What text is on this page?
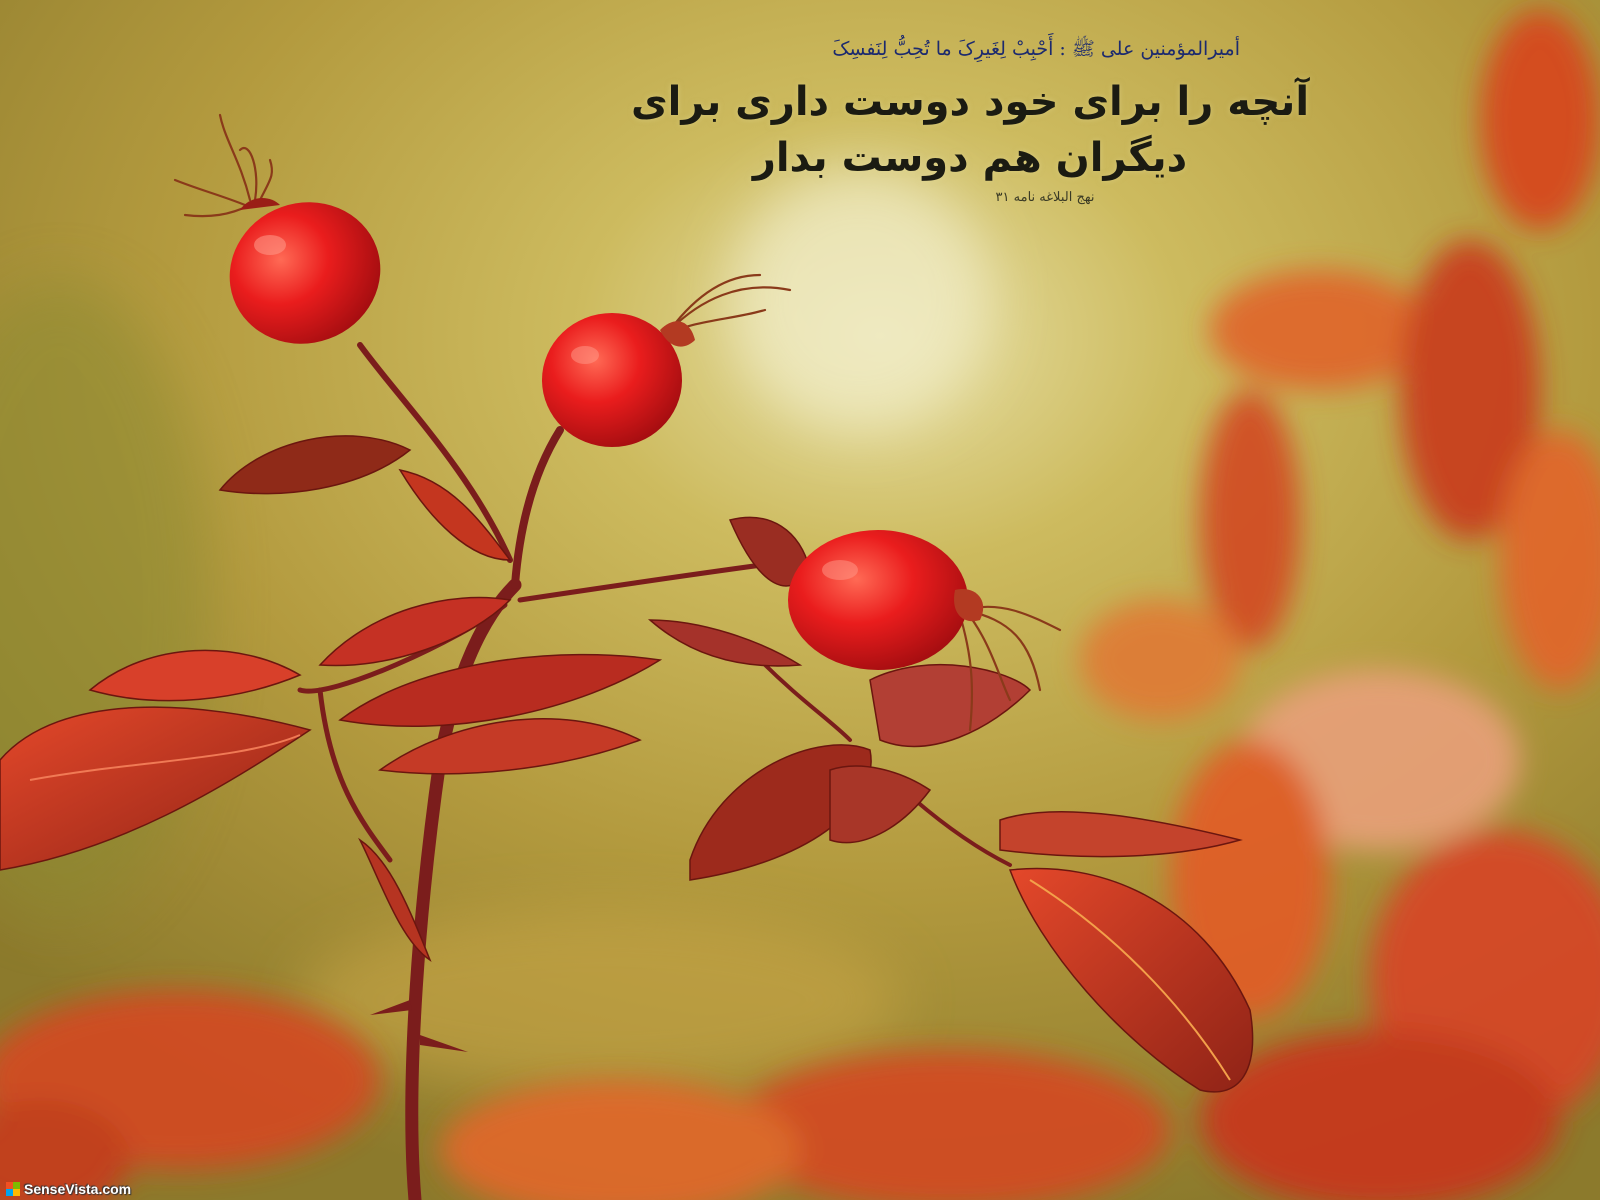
أميرالمؤمنين على ﷺ : أَحْبِبْ لِغَيرِکَ ما تُحِبُّ لِنَفسِکَ
آنچه را برای خود دوست داری برای دیگران هم دوست بدار
نهج البلاغه نامه ۳۱
SenseVista.com
